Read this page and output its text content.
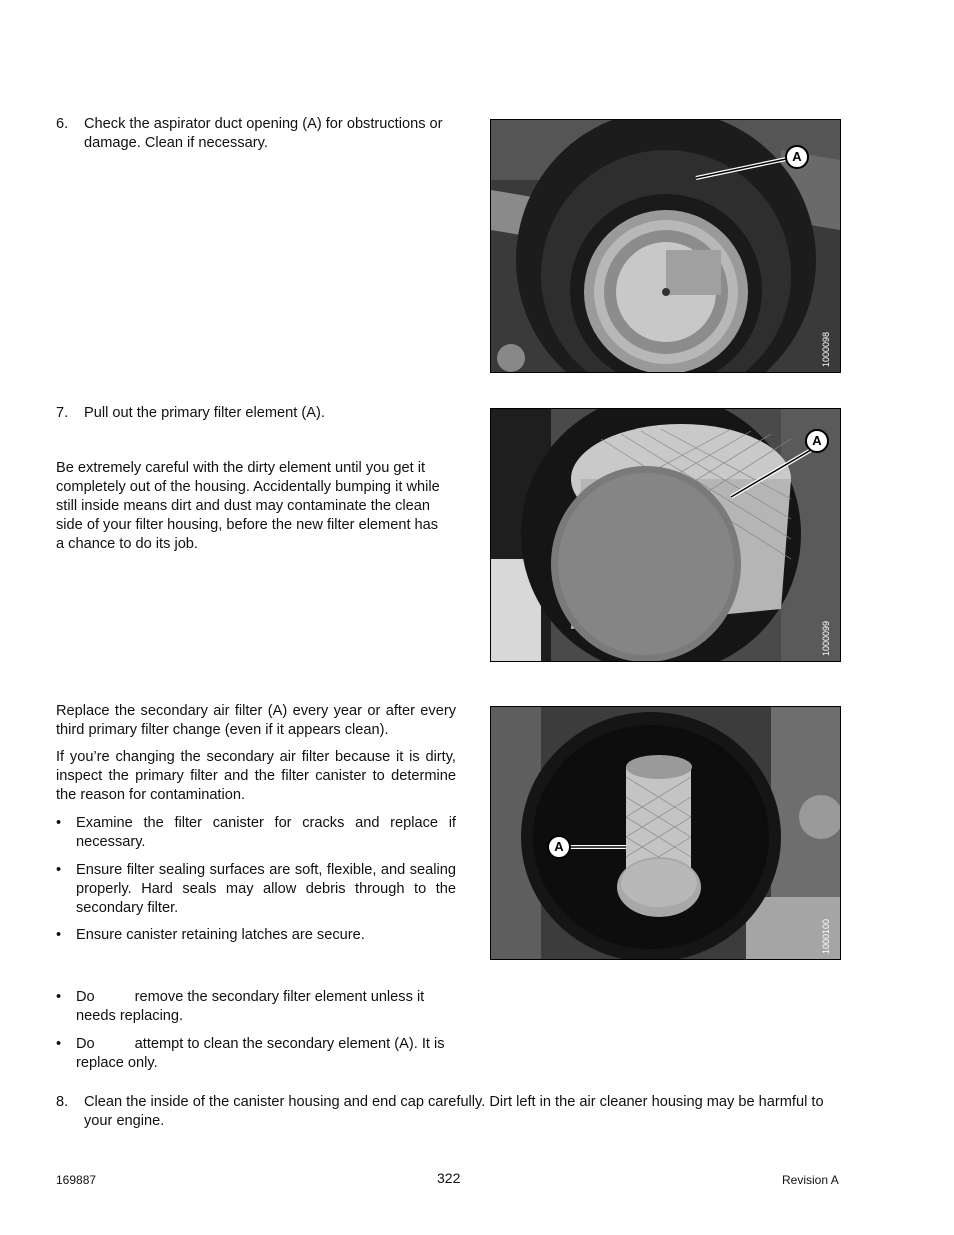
6. Check the aspirator duct opening (A) for obstructions or damage. Clean if necessary.
A
1000098
7. Pull out the primary filter element (A).
Be extremely careful with the dirty element until you get it completely out of the housing. Accidentally bumping it while still inside means dirt and dust may contaminate the clean side of your filter housing, before the new filter element has a chance to do its job.
A
1000099
Replace the secondary air filter (A) every year or after every third primary filter change (even if it appears clean).
If you’re changing the secondary air filter because it is dirty, inspect the primary filter and the filter canister to determine the reason for contamination.
• Examine the filter canister for cracks and replace if necessary.
• Ensure filter sealing surfaces are soft, flexible, and sealing properly. Hard seals may allow debris through to the secondary filter.
• Ensure canister retaining latches are secure.
A
1000100
• Do	remove the secondary filter element unless it needs replacing.
• Do	attempt to clean the secondary element (A). It is replace only.
8. Clean the inside of the canister housing and end cap carefully. Dirt left in the air cleaner housing may be harmful to your engine.
169887	322	Revision A
